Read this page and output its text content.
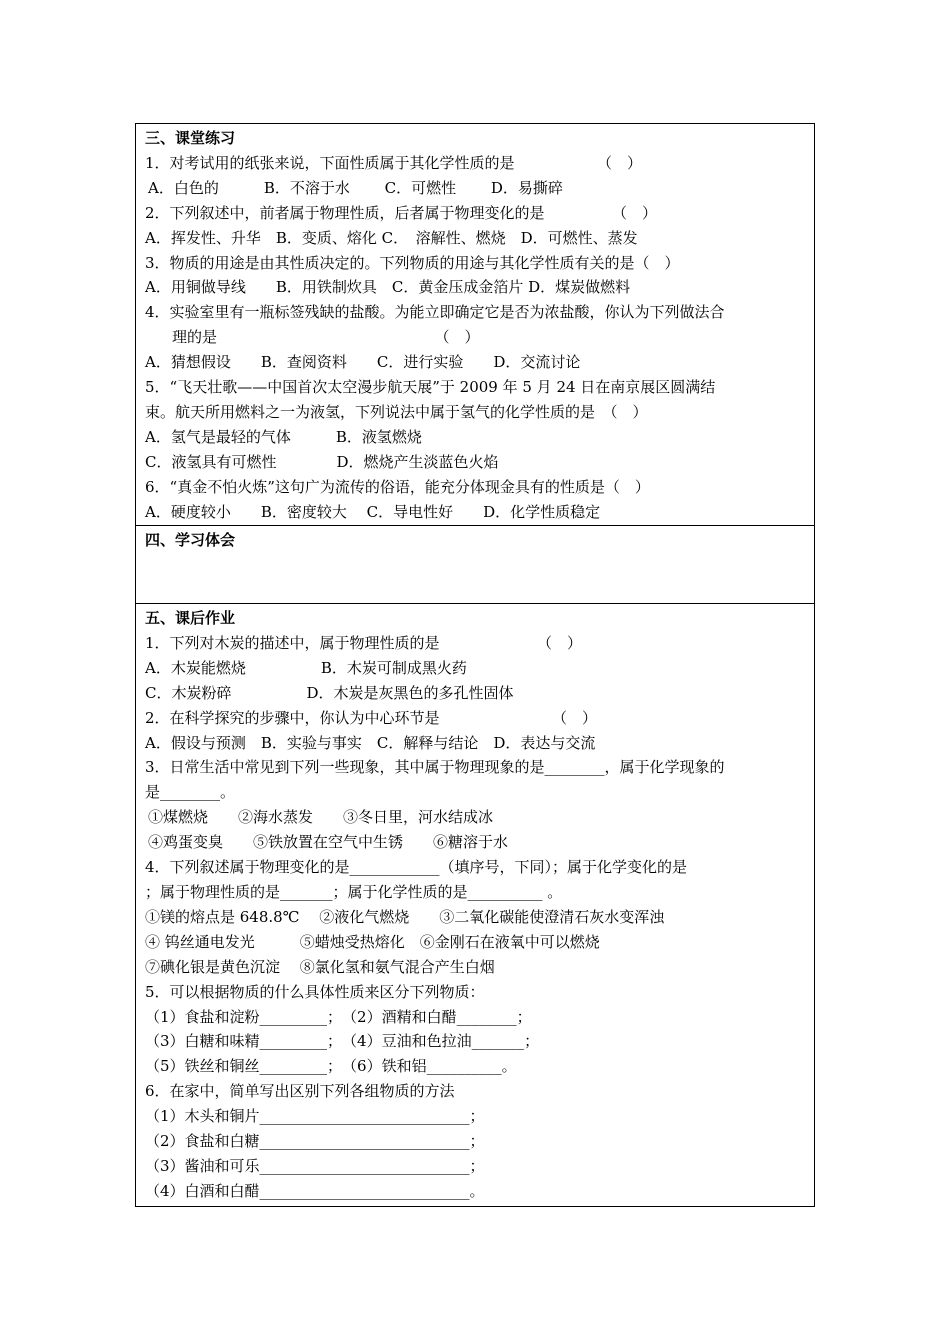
三、课堂练习
1．对考试用的纸张来说，下面性质属于其化学性质的是　　　　　　（　）
A．白色的　　　B．不溶于水　　 C．可燃性　　 D．易撕碎
2．下列叙述中，前者属于物理性质，后者属于物理变化的是　　　　　（　）
A．挥发性、升华　B．变质、熔化 C．　溶解性、燃烧　D．可燃性、蒸发
3．物质的用途是由其性质决定的。下列物质的用途与其化学性质有关的是（　）
A．用铜做导线　　B．用铁制炊具　C．黄金压成金箔片 D．煤炭做燃料
4．实验室里有一瓶标签残缺的盐酸。为能立即确定它是否为浓盐酸，你认为下列做法合
理的是　　　　　　　　　　　　　　　（　）
A．猜想假设　　B．查阅资料　　C．进行实验　　D．交流讨论
5．“飞天壮歌——中国首次太空漫步航天展”于 2009 年 5 月 24 日在南京展区圆满结
束。航天所用燃料之一为液氢，下列说法中属于氢气的化学性质的是　（　）
A．氢气是最轻的气体　　　B．液氢燃烧
C．液氢具有可燃性　　　　D．燃烧产生淡蓝色火焰
6．“真金不怕火炼”这句广为流传的俗语，能充分体现金具有的性质是（　）
A．硬度较小　　B．密度较大　 C．导电性好　　D．化学性质稳定
四、学习体会
五、课后作业
1．下列对木炭的描述中，属于物理性质的是　　　　　　　（　）
A．木炭能燃烧　　　　　B．木炭可制成黑火药
C．木炭粉碎　　　　　D．木炭是灰黑色的多孔性固体
2．在科学探究的步骤中，你认为中心环节是　　　　　　　　（　）
A．假设与预测　B．实验与事实　C．解释与结论　D．表达与交流
3．日常生活中常见到下列一些现象，其中属于物理现象的是________，属于化学现象的
是________。
①煤燃烧　　②海水蒸发　　③冬日里，河水结成冰
④鸡蛋变臭　　⑤铁放置在空气中生锈　　⑥糖溶于水
4．下列叙述属于物理变化的是____________（填序号，下同）；属于化学变化的是
；属于物理性质的是_______；属于化学性质的是__________ 。
①镁的熔点是 648.8℃　 ②液化气燃烧　　③二氧化碳能使澄清石灰水变浑浊
④ 钨丝通电发光　　　⑤蜡烛受热熔化　⑥金刚石在液氧中可以燃烧
⑦碘化银是黄色沉淀　 ⑧氯化氢和氨气混合产生白烟
5．可以根据物质的什么具体性质来区分下列物质：
（1）食盐和淀粉_________；　（2）酒精和白醋________；
（3）白糖和味精_________；　（4）豆油和色拉油_______；
（5）铁丝和铜丝_________；　（6）铁和铝__________。
6．在家中，简单写出区别下列各组物质的方法
（1）木头和铜片____________________________；
（2）食盐和白糖____________________________；
（3）酱油和可乐____________________________；
（4）白酒和白醋____________________________。
